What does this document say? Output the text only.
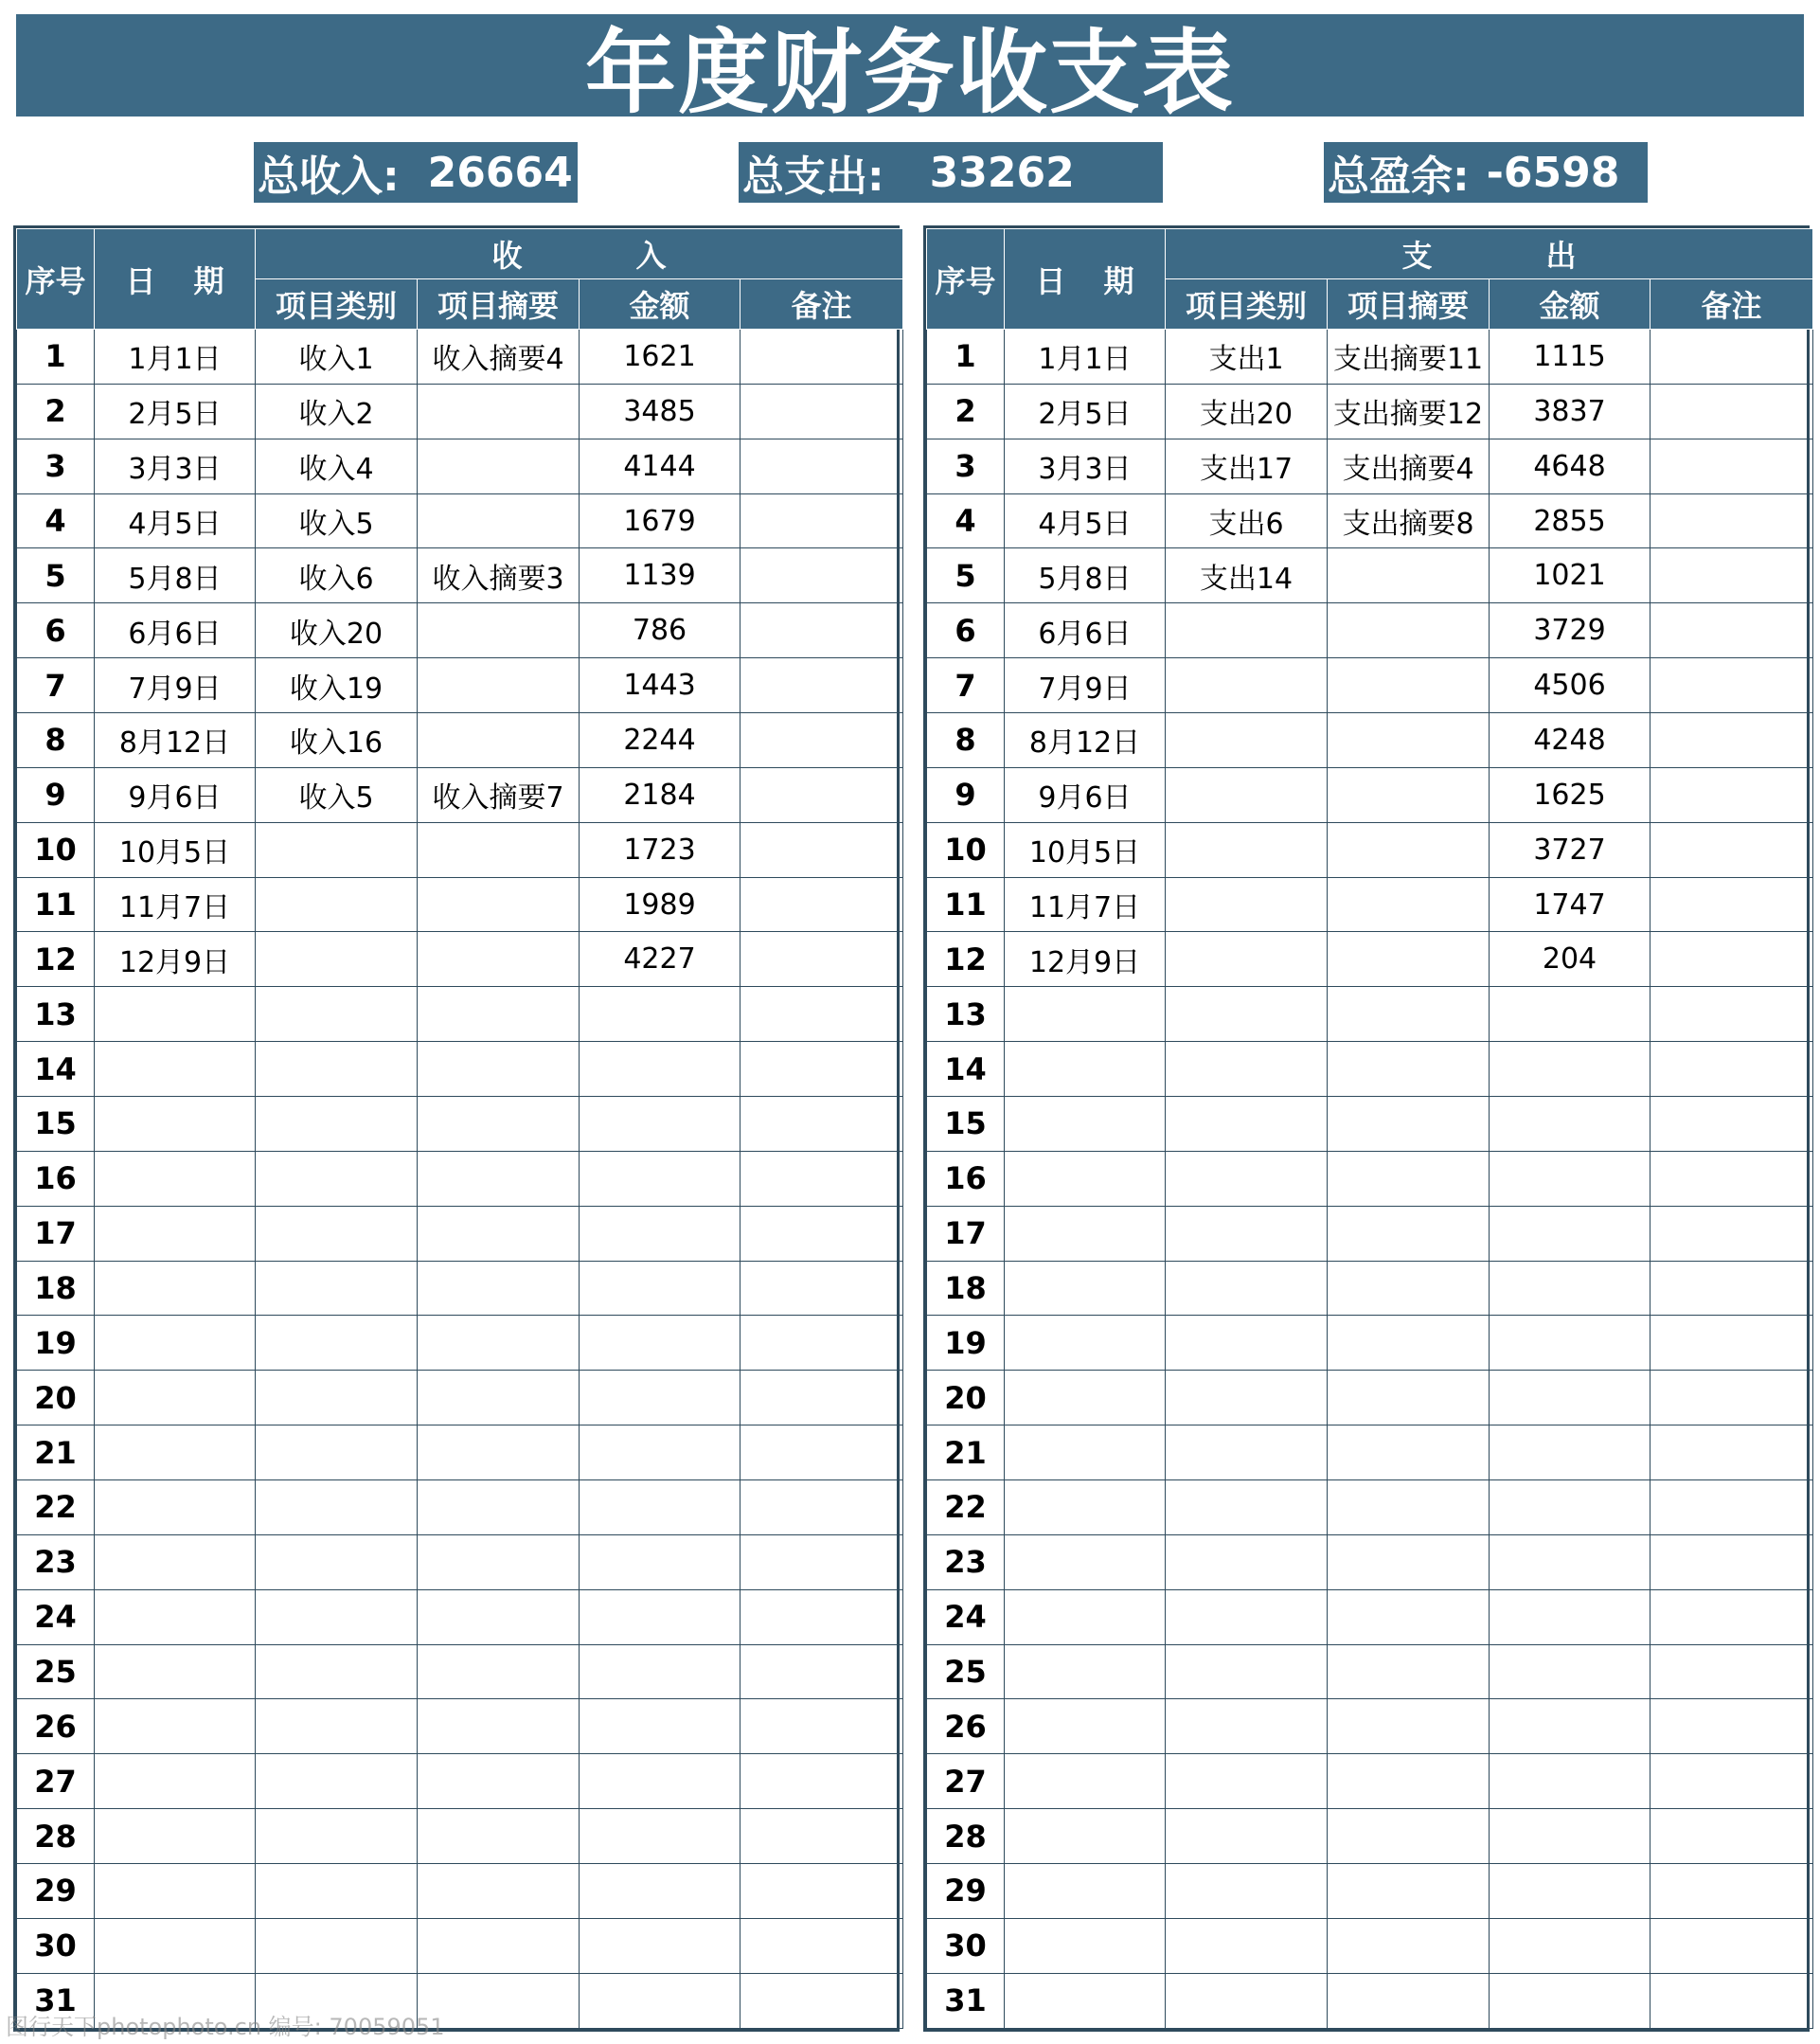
年度财务收支表
总收入: 26664	总支出: 33262	总盈余: -6598
序号	日 期	收 入			
		项目类别	项目摘要	金额	备注
1	1月1日	收入1	收入摘要4	1621	
2	2月5日	收入2		3485	
3	3月3日	收入4		4144	
4	4月5日	收入5		1679	
5	5月8日	收入6	收入摘要3	1139	
6	6月6日	收入20		786	
7	7月9日	收入19		1443	
8	8月12日	收入16		2244	
9	9月6日	收入5	收入摘要7	2184	
10	10月5日			1723	
11	11月7日			1989	
12	12月9日			4227	
13					
14					
15					
16					
17					
18					
19					
20					
21					
22					
23					
24					
25					
26					
27					
28					
29					
30					
31					
序号	日 期	支 出			
		项目类别	项目摘要	金额	备注
1	1月1日	支出1	支出摘要11	1115	
2	2月5日	支出20	支出摘要12	3837	
3	3月3日	支出17	支出摘要4	4648	
4	4月5日	支出6	支出摘要8	2855	
5	5月8日	支出14		1021	
6	6月6日			3729	
7	7月9日			4506	
8	8月12日			4248	
9	9月6日			1625	
10	10月5日			3727	
11	11月7日			1747	
12	12月9日			204	
13					
14					
15					
16					
17					
18					
19					
20					
21					
22					
23					
24					
25					
26					
27					
28					
29					
30					
31					
图行天下photophoto.cn 编号: 70059051
